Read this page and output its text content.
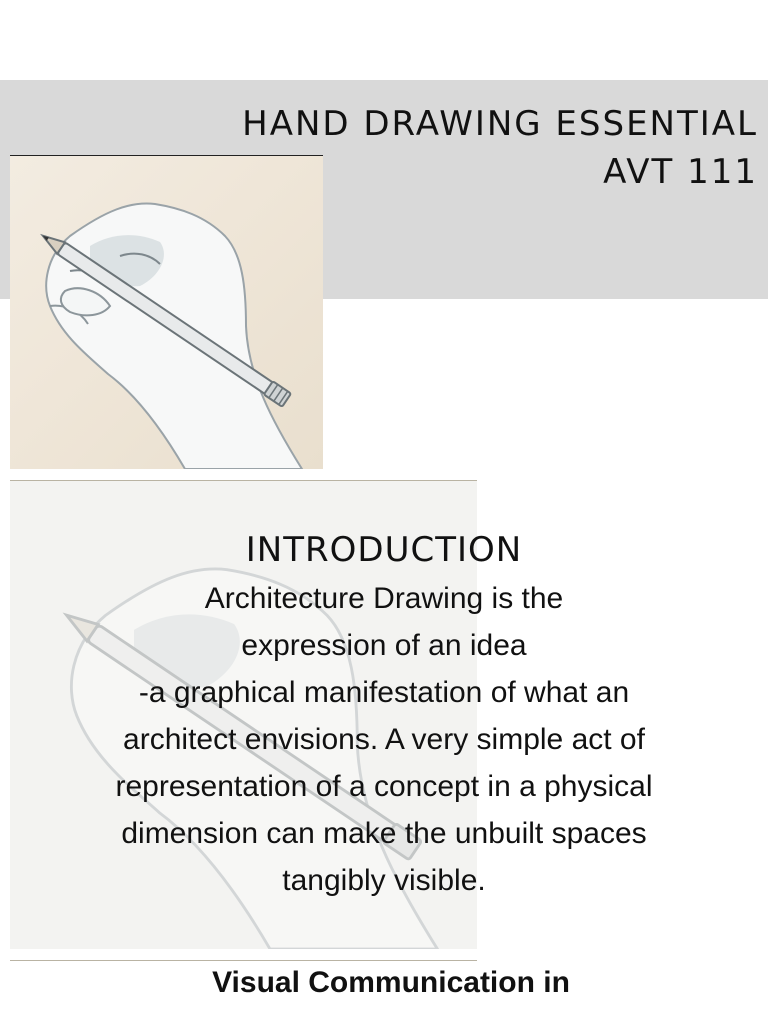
HAND DRAWING ESSENTIAL
AVT 111
INTRODUCTION
Architecture Drawing is the
expression of an idea
-a graphical manifestation of what an
architect envisions. A very simple act of
representation of a concept in a physical
dimension can make the unbuilt spaces
tangibly visible.
Visual Communication in
